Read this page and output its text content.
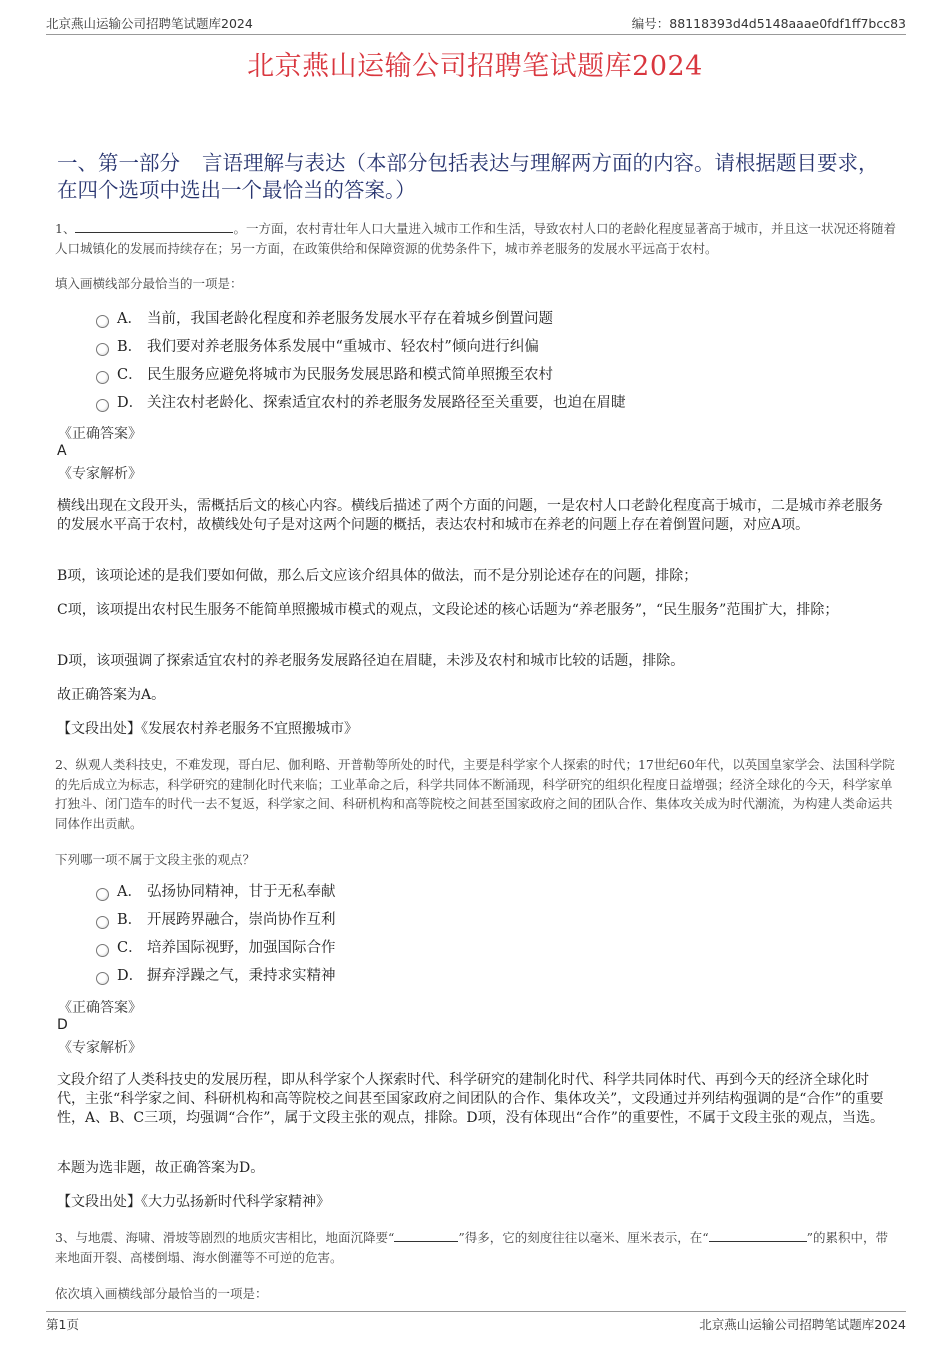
北京燕山运输公司招聘笔试题库2024	编号：88118393d4d5148aaae0fdf1ff7bcc83
北京燕山运输公司招聘笔试题库2024
一、第一部分 言语理解与表达（本部分包括表达与理解两方面的内容。请根据题目要求，在四个选项中选出一个最恰当的答案。）
1、	。一方面，农村青壮年人口大量进入城市工作和生活，导致农村人口的老龄化程度显著高于城市，并且这一状况还将随着人口城镇化的发展而持续存在；另一方面，在政策供给和保障资源的优势条件下，城市养老服务的发展水平远高于农村。
填入画横线部分最恰当的一项是：
A． 当前，我国老龄化程度和养老服务发展水平存在着城乡倒置问题
B． 我们要对养老服务体系发展中“重城市、轻农村”倾向进行纠偏
C． 民生服务应避免将城市为民服务发展思路和模式简单照搬至农村
D． 关注农村老龄化、探索适宜农村的养老服务发展路径至关重要，也迫在眉睫
《正确答案》
A
《专家解析》
横线出现在文段开头，需概括后文的核心内容。横线后描述了两个方面的问题，一是农村人口老龄化程度高于城市，二是城市养老服务的发展水平高于农村，故横线处句子是对这两个问题的概括，表达农村和城市在养老的问题上存在着倒置问题，对应A项。
B项，该项论述的是我们要如何做，那么后文应该介绍具体的做法，而不是分别论述存在的问题，排除；
C项，该项提出农村民生服务不能简单照搬城市模式的观点，文段论述的核心话题为“养老服务”，“民生服务”范围扩大，排除；
D项，该项强调了探索适宜农村的养老服务发展路径迫在眉睫，未涉及农村和城市比较的话题，排除。
故正确答案为A。
【文段出处】《发展农村养老服务不宜照搬城市》
2、纵观人类科技史，不难发现，哥白尼、伽利略、开普勒等所处的时代，主要是科学家个人探索的时代；17世纪60年代，以英国皇家学会、法国科学院的先后成立为标志，科学研究的建制化时代来临；工业革命之后，科学共同体不断涌现，科学研究的组织化程度日益增强；经济全球化的今天，科学家单打独斗、闭门造车的时代一去不复返，科学家之间、科研机构和高等院校之间甚至国家政府之间的团队合作、集体攻关成为时代潮流，为构建人类命运共同体作出贡献。
下列哪一项不属于文段主张的观点？
A． 弘扬协同精神，甘于无私奉献
B． 开展跨界融合，崇尚协作互利
C． 培养国际视野，加强国际合作
D． 摒弃浮躁之气，秉持求实精神
《正确答案》
D
《专家解析》
文段介绍了人类科技史的发展历程，即从科学家个人探索时代、科学研究的建制化时代、科学共同体时代、再到今天的经济全球化时代，主张“科学家之间、科研机构和高等院校之间甚至国家政府之间团队的合作、集体攻关”，文段通过并列结构强调的是“合作”的重要性，A、B、C三项，均强调“合作”，属于文段主张的观点，排除。D项，没有体现出“合作”的重要性，不属于文段主张的观点，当选。
本题为选非题，故正确答案为D。
【文段出处】《大力弘扬新时代科学家精神》
3、与地震、海啸、滑坡等剧烈的地质灾害相比，地面沉降要“	”得多，它的刻度往往以毫米、厘米表示，在“	”的累积中，带来地面开裂、高楼倒塌、海水倒灌等不可逆的危害。
依次填入画横线部分最恰当的一项是：
第1页	北京燕山运输公司招聘笔试题库2024
